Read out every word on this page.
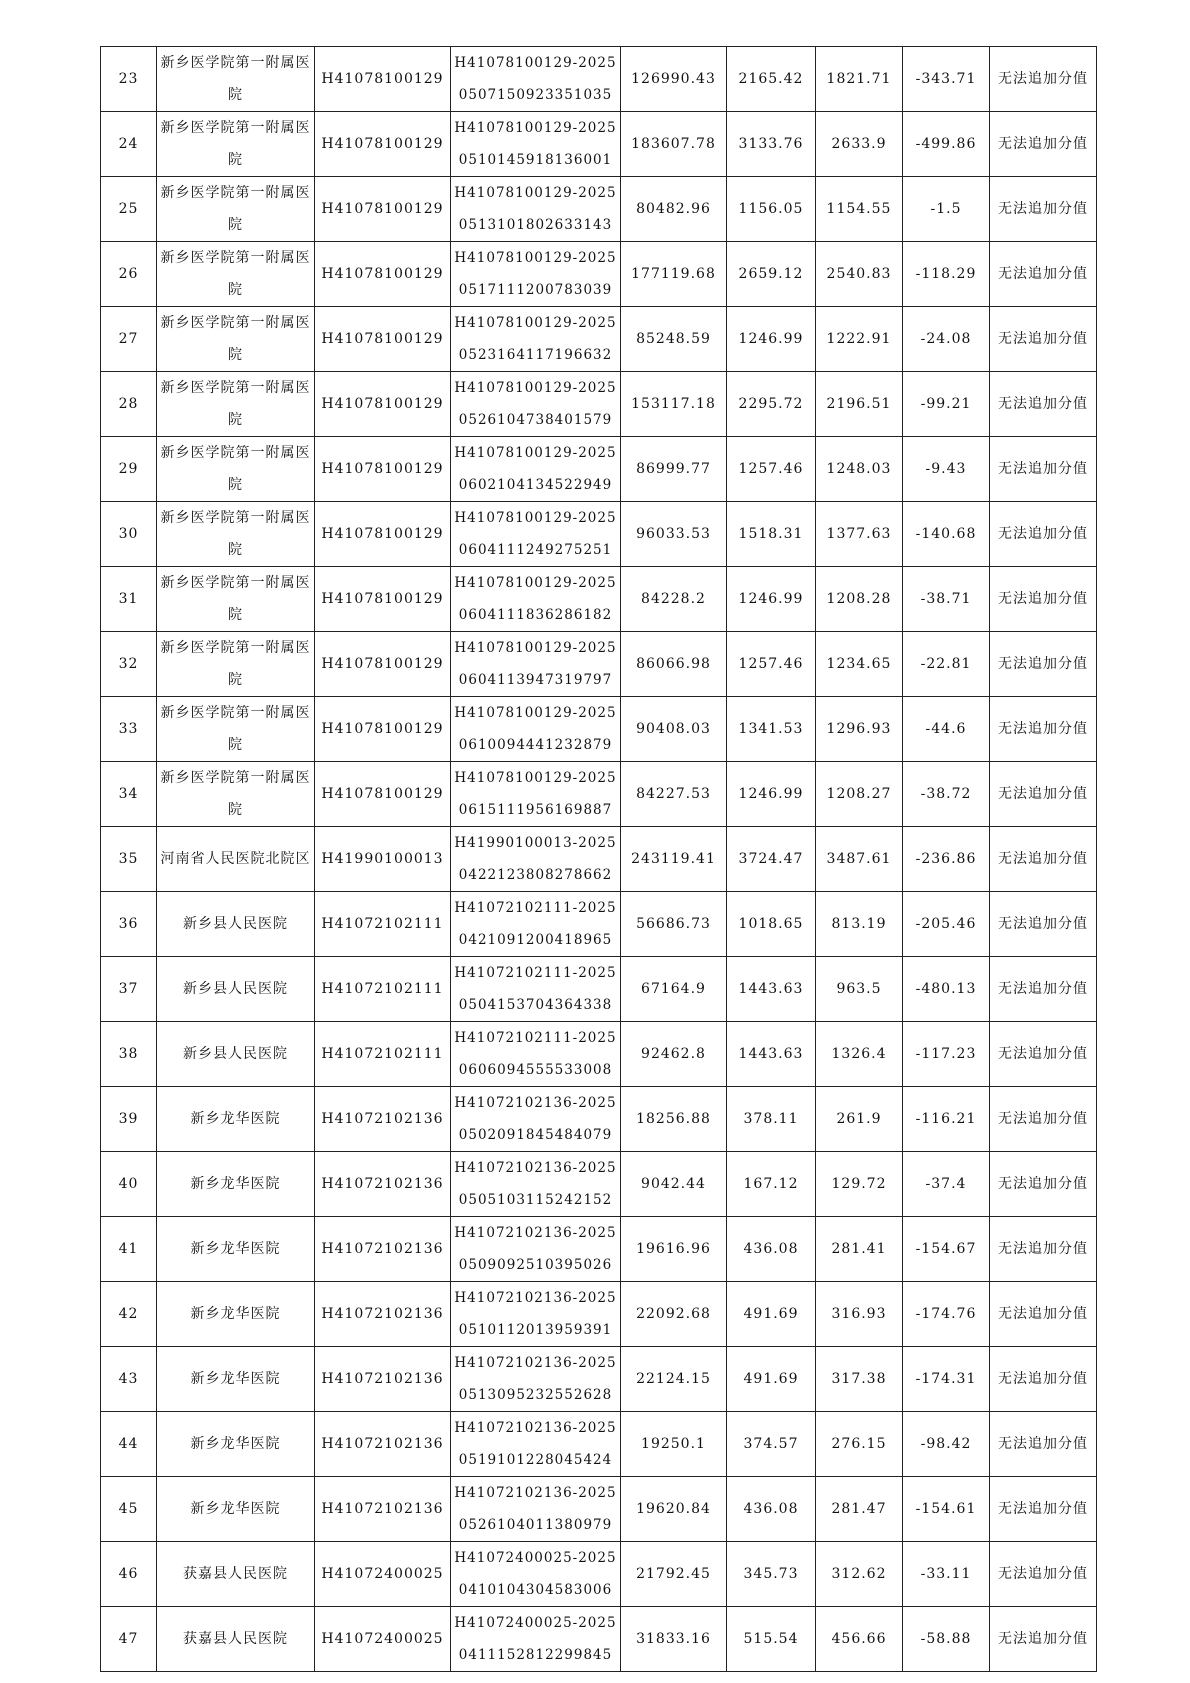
23	新乡医学院第一附属医院	H41078100129	H41078100129-20250507150923351035	126990.43	2165.42	1821.71	-343.71	无法追加分值
24	新乡医学院第一附属医院	H41078100129	H41078100129-20250510145918136001	183607.78	3133.76	2633.9	-499.86	无法追加分值
25	新乡医学院第一附属医院	H41078100129	H41078100129-20250513101802633143	80482.96	1156.05	1154.55	-1.5	无法追加分值
26	新乡医学院第一附属医院	H41078100129	H41078100129-20250517111200783039	177119.68	2659.12	2540.83	-118.29	无法追加分值
27	新乡医学院第一附属医院	H41078100129	H41078100129-20250523164117196632	85248.59	1246.99	1222.91	-24.08	无法追加分值
28	新乡医学院第一附属医院	H41078100129	H41078100129-20250526104738401579	153117.18	2295.72	2196.51	-99.21	无法追加分值
29	新乡医学院第一附属医院	H41078100129	H41078100129-20250602104134522949	86999.77	1257.46	1248.03	-9.43	无法追加分值
30	新乡医学院第一附属医院	H41078100129	H41078100129-20250604111249275251	96033.53	1518.31	1377.63	-140.68	无法追加分值
31	新乡医学院第一附属医院	H41078100129	H41078100129-20250604111836286182	84228.2	1246.99	1208.28	-38.71	无法追加分值
32	新乡医学院第一附属医院	H41078100129	H41078100129-20250604113947319797	86066.98	1257.46	1234.65	-22.81	无法追加分值
33	新乡医学院第一附属医院	H41078100129	H41078100129-20250610094441232879	90408.03	1341.53	1296.93	-44.6	无法追加分值
34	新乡医学院第一附属医院	H41078100129	H41078100129-20250615111956169887	84227.53	1246.99	1208.27	-38.72	无法追加分值
35	河南省人民医院北院区	H41990100013	H41990100013-20250422123808278662	243119.41	3724.47	3487.61	-236.86	无法追加分值
36	新乡县人民医院	H41072102111	H41072102111-20250421091200418965	56686.73	1018.65	813.19	-205.46	无法追加分值
37	新乡县人民医院	H41072102111	H41072102111-20250504153704364338	67164.9	1443.63	963.5	-480.13	无法追加分值
38	新乡县人民医院	H41072102111	H41072102111-20250606094555533008	92462.8	1443.63	1326.4	-117.23	无法追加分值
39	新乡龙华医院	H41072102136	H41072102136-20250502091845484079	18256.88	378.11	261.9	-116.21	无法追加分值
40	新乡龙华医院	H41072102136	H41072102136-20250505103115242152	9042.44	167.12	129.72	-37.4	无法追加分值
41	新乡龙华医院	H41072102136	H41072102136-20250509092510395026	19616.96	436.08	281.41	-154.67	无法追加分值
42	新乡龙华医院	H41072102136	H41072102136-20250510112013959391	22092.68	491.69	316.93	-174.76	无法追加分值
43	新乡龙华医院	H41072102136	H41072102136-20250513095232552628	22124.15	491.69	317.38	-174.31	无法追加分值
44	新乡龙华医院	H41072102136	H41072102136-20250519101228045424	19250.1	374.57	276.15	-98.42	无法追加分值
45	新乡龙华医院	H41072102136	H41072102136-20250526104011380979	19620.84	436.08	281.47	-154.61	无法追加分值
46	获嘉县人民医院	H41072400025	H41072400025-20250410104304583006	21792.45	345.73	312.62	-33.11	无法追加分值
47	获嘉县人民医院	H41072400025	H41072400025-20250411152812299845	31833.16	515.54	456.66	-58.88	无法追加分值
